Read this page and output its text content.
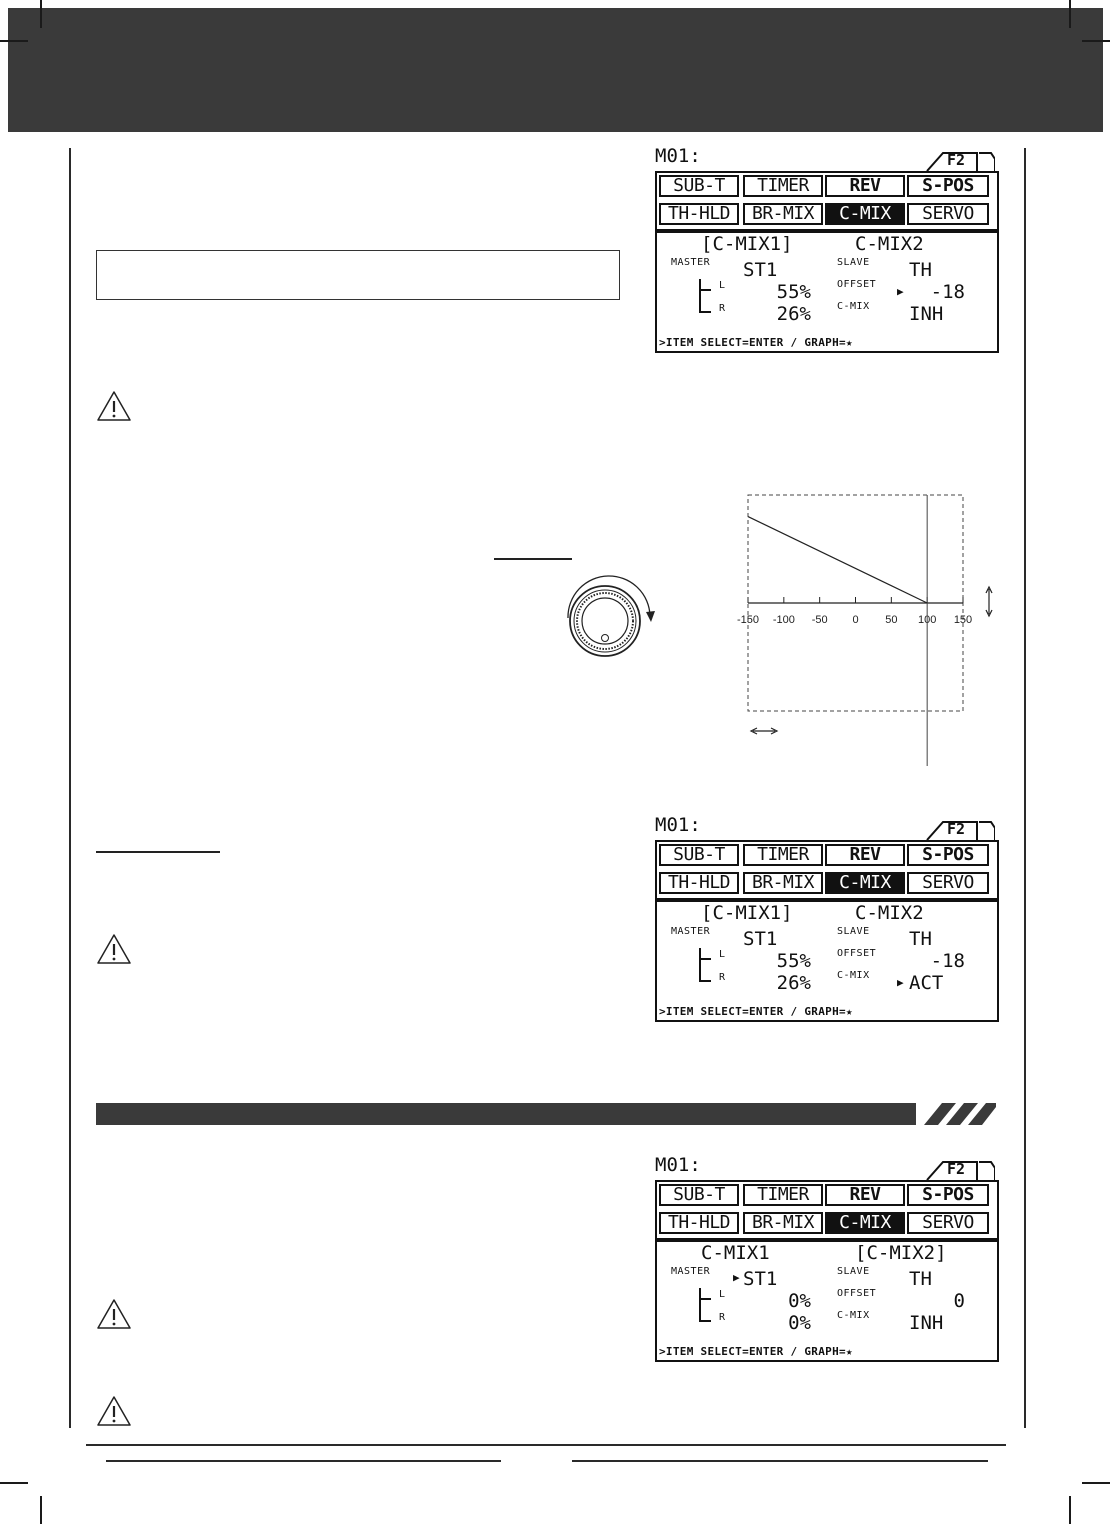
-150 -100 -50 0 50 100 150
M01:	F2
SUB-T	TIMER	REV	S-POS
TH-HLD	BR-MIX	C-MIX	SERVO
[C-MIX1]	C-MIX2
MASTER ST1
L	55%
R	26%
SLAVE TH
OFFSET
▶	-18
C-MIX INH
>ITEM SELECT=ENTER / GRAPH=★
M01:	F2
SUB-T	TIMER	REV	S-POS
TH-HLD	BR-MIX	C-MIX	SERVO
[C-MIX1]	C-MIX2
MASTER ST1
L	55%
R	26%
SLAVE TH
OFFSET	-18
C-MIX
▶ ACT
>ITEM SELECT=ENTER / GRAPH=★
M01:	F2
SUB-T	TIMER	REV	S-POS
TH-HLD	BR-MIX	C-MIX	SERVO
C-MIX1	[C-MIX2]
MASTER ▶ ST1
L	0%
R	0%
SLAVE TH
OFFSET	0
C-MIX INH
>ITEM SELECT=ENTER / GRAPH=★
